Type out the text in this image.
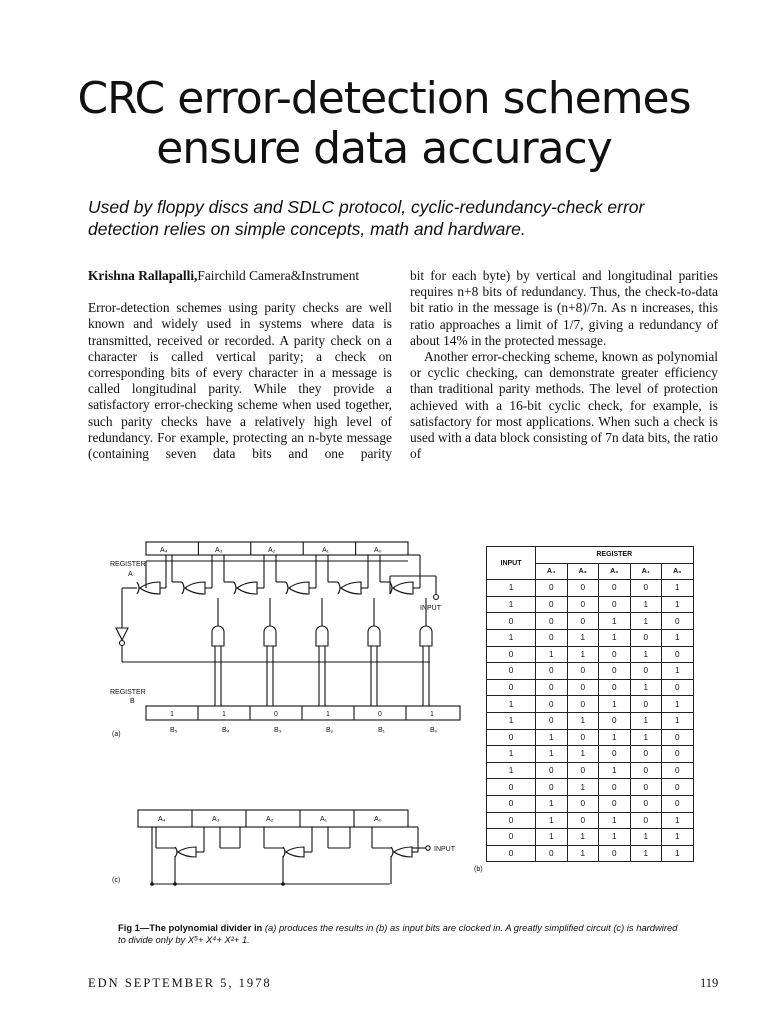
CRC error-detection schemes
ensure data accuracy
Used by floppy discs and SDLC protocol, cyclic-redundancy-check error detection relies on simple concepts, math and hardware.
Krishna Rallapalli,Fairchild Camera&Instrument

Error-detection schemes using parity checks are well known and widely used in systems where data is transmitted, received or recorded. A parity check on a character is called vertical parity; a check on corresponding bits of every character in a message is called longitudinal parity. While they provide a satisfactory error-checking scheme when used together, such parity checks have a relatively high level of redundancy. For example, protecting an n-byte message (containing seven data bits and one parity

bit for each byte) by vertical and longitudinal parities requires n+8 bits of redundancy. Thus, the check-to-data bit ratio in the message is (n+8)/7n. As n increases, this ratio approaches a limit of 1/7, giving a redundancy of about 14% in the protected message.

Another error-checking scheme, known as polynomial or cyclic checking, can demonstrate greater efficiency than traditional parity methods. The level of protection achieved with a 16-bit cyclic check, for example, is satisfactory for most applications. When such a check is used with a data block consisting of 7n data bits, the ratio of

A₄	A₃	A₂	A₁	A₀
REGISTER
A
INPUT
REGISTER
B
1	1	0	1	0	1
B₅	B₄	B₃	B₂	B₁	B₀
(a)
INPUT	REGISTER				
	A₄	A₃	A₂	A₁	A₀
1	0	0	0	0	1
1	0	0	0	1	1
0	0	0	1	1	0
1	0	1	1	0	1
0	1	1	0	1	0
0	0	0	0	0	1
0	0	0	0	1	0
1	0	0	1	0	1
1	0	1	0	1	1
0	1	0	1	1	0
1	1	1	0	0	0
1	0	0	1	0	0
0	0	1	0	0	0
0	1	0	0	0	0
0	1	0	1	0	1
0	1	1	1	1	1
0	0	1	0	1	1
(b)
A₄	A₃	A₂	A₁	A₀
INPUT
(c)
Fig 1—The polynomial divider in (a) produces the results in (b) as input bits are clocked in. A greatly simplified circuit (c) is hardwired to divide only by X⁵+ X⁴+ X²+ 1.
EDN SEPTEMBER 5, 1978	119
